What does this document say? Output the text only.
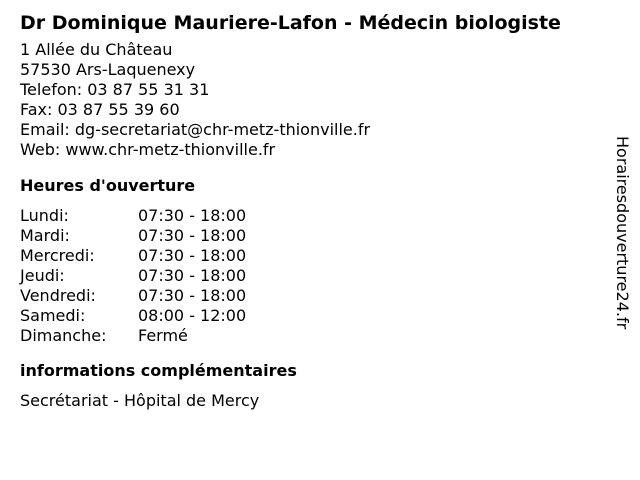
Dr Dominique Mauriere-Lafon - Médecin biologiste
1 Allée du Château
57530 Ars-Laquenexy
Telefon: 03 87 55 31 31
Fax: 03 87 55 39 60
Email: dg-secretariat@chr-metz-thionville.fr
Web: www.chr-metz-thionville.fr
Heures d'ouverture
Lundi:	07:30 - 18:00
Mardi:	07:30 - 18:00
Mercredi:	07:30 - 18:00
Jeudi:	07:30 - 18:00
Vendredi:	07:30 - 18:00
Samedi:	08:00 - 12:00
Dimanche:	Fermé
informations complémentaires
Secrétariat - Hôpital de Mercy
Horairesdouverture24.fr
